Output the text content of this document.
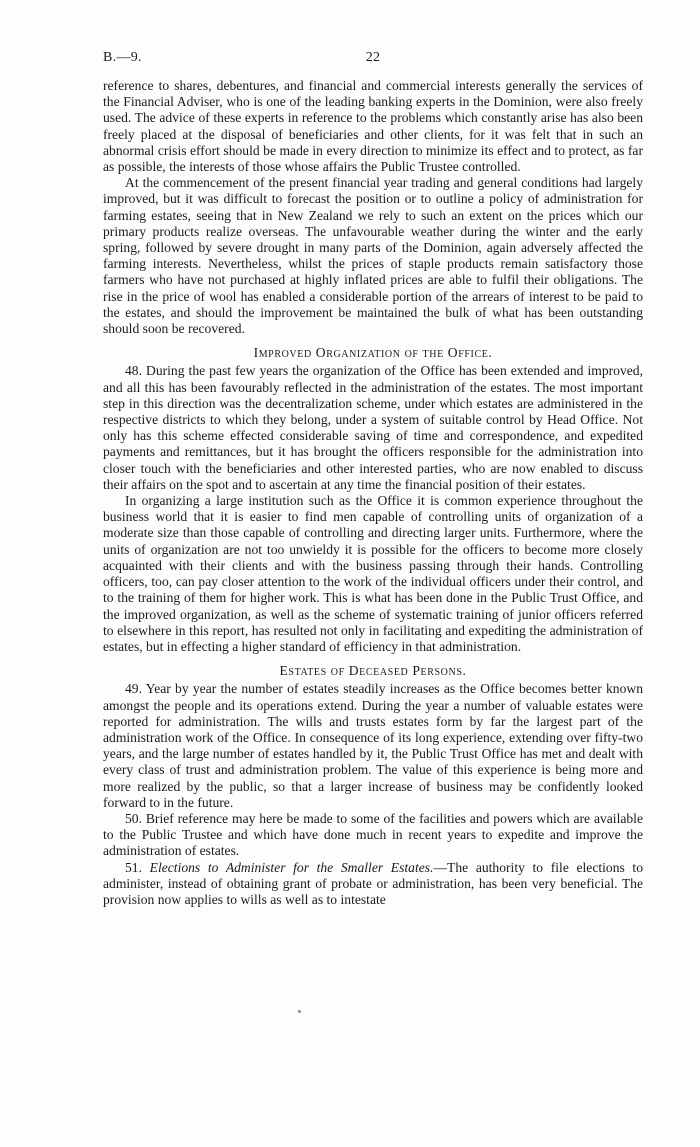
B.—9.	22

reference to shares, debentures, and financial and commercial interests generally the services of the Financial Adviser, who is one of the leading banking experts in the Dominion, were also freely used. The advice of these experts in reference to the problems which constantly arise has also been freely placed at the disposal of beneficiaries and other clients, for it was felt that in such an abnormal crisis effort should be made in every direction to minimize its effect and to protect, as far as possible, the interests of those whose affairs the Public Trustee controlled.

At the commencement of the present financial year trading and general conditions had largely improved, but it was difficult to forecast the position or to outline a policy of administration for farming estates, seeing that in New Zealand we rely to such an extent on the prices which our primary products realize overseas. The unfavourable weather during the winter and the early spring, followed by severe drought in many parts of the Dominion, again adversely affected the farming interests. Nevertheless, whilst the prices of staple products remain satisfactory those farmers who have not purchased at highly inflated prices are able to fulfil their obligations. The rise in the price of wool has enabled a considerable portion of the arrears of interest to be paid to the estates, and should the improvement be maintained the bulk of what has been outstanding should soon be recovered.

Improved Organization of the Office.

48. During the past few years the organization of the Office has been extended and improved, and all this has been favourably reflected in the administration of the estates. The most important step in this direction was the decentralization scheme, under which estates are administered in the respective districts to which they belong, under a system of suitable control by Head Office. Not only has this scheme effected considerable saving of time and correspondence, and expedited payments and remittances, but it has brought the officers responsible for the administration into closer touch with the beneficiaries and other interested parties, who are now enabled to discuss their affairs on the spot and to ascertain at any time the financial position of their estates.

In organizing a large institution such as the Office it is common experience throughout the business world that it is easier to find men capable of controlling units of organization of a moderate size than those capable of controlling and directing larger units. Furthermore, where the units of organization are not too unwieldy it is possible for the officers to become more closely acquainted with their clients and with the business passing through their hands. Controlling officers, too, can pay closer attention to the work of the individual officers under their control, and to the training of them for higher work. This is what has been done in the Public Trust Office, and the improved organization, as well as the scheme of systematic training of junior officers referred to elsewhere in this report, has resulted not only in facilitating and expediting the administration of estates, but in effecting a higher standard of efficiency in that administration.

Estates of Deceased Persons.

49. Year by year the number of estates steadily increases as the Office becomes better known amongst the people and its operations extend. During the year a number of valuable estates were reported for administration. The wills and trusts estates form by far the largest part of the administration work of the Office. In consequence of its long experience, extending over fifty-two years, and the large number of estates handled by it, the Public Trust Office has met and dealt with every class of trust and administration problem. The value of this experience is being more and more realized by the public, so that a larger increase of business may be confidently looked forward to in the future.

50. Brief reference may here be made to some of the facilities and powers which are available to the Public Trustee and which have done much in recent years to expedite and improve the administration of estates.

51. Elections to Administer for the Smaller Estates.—The authority to file elections to administer, instead of obtaining grant of probate or administration, has been very beneficial. The provision now applies to wills as well as to intestate
